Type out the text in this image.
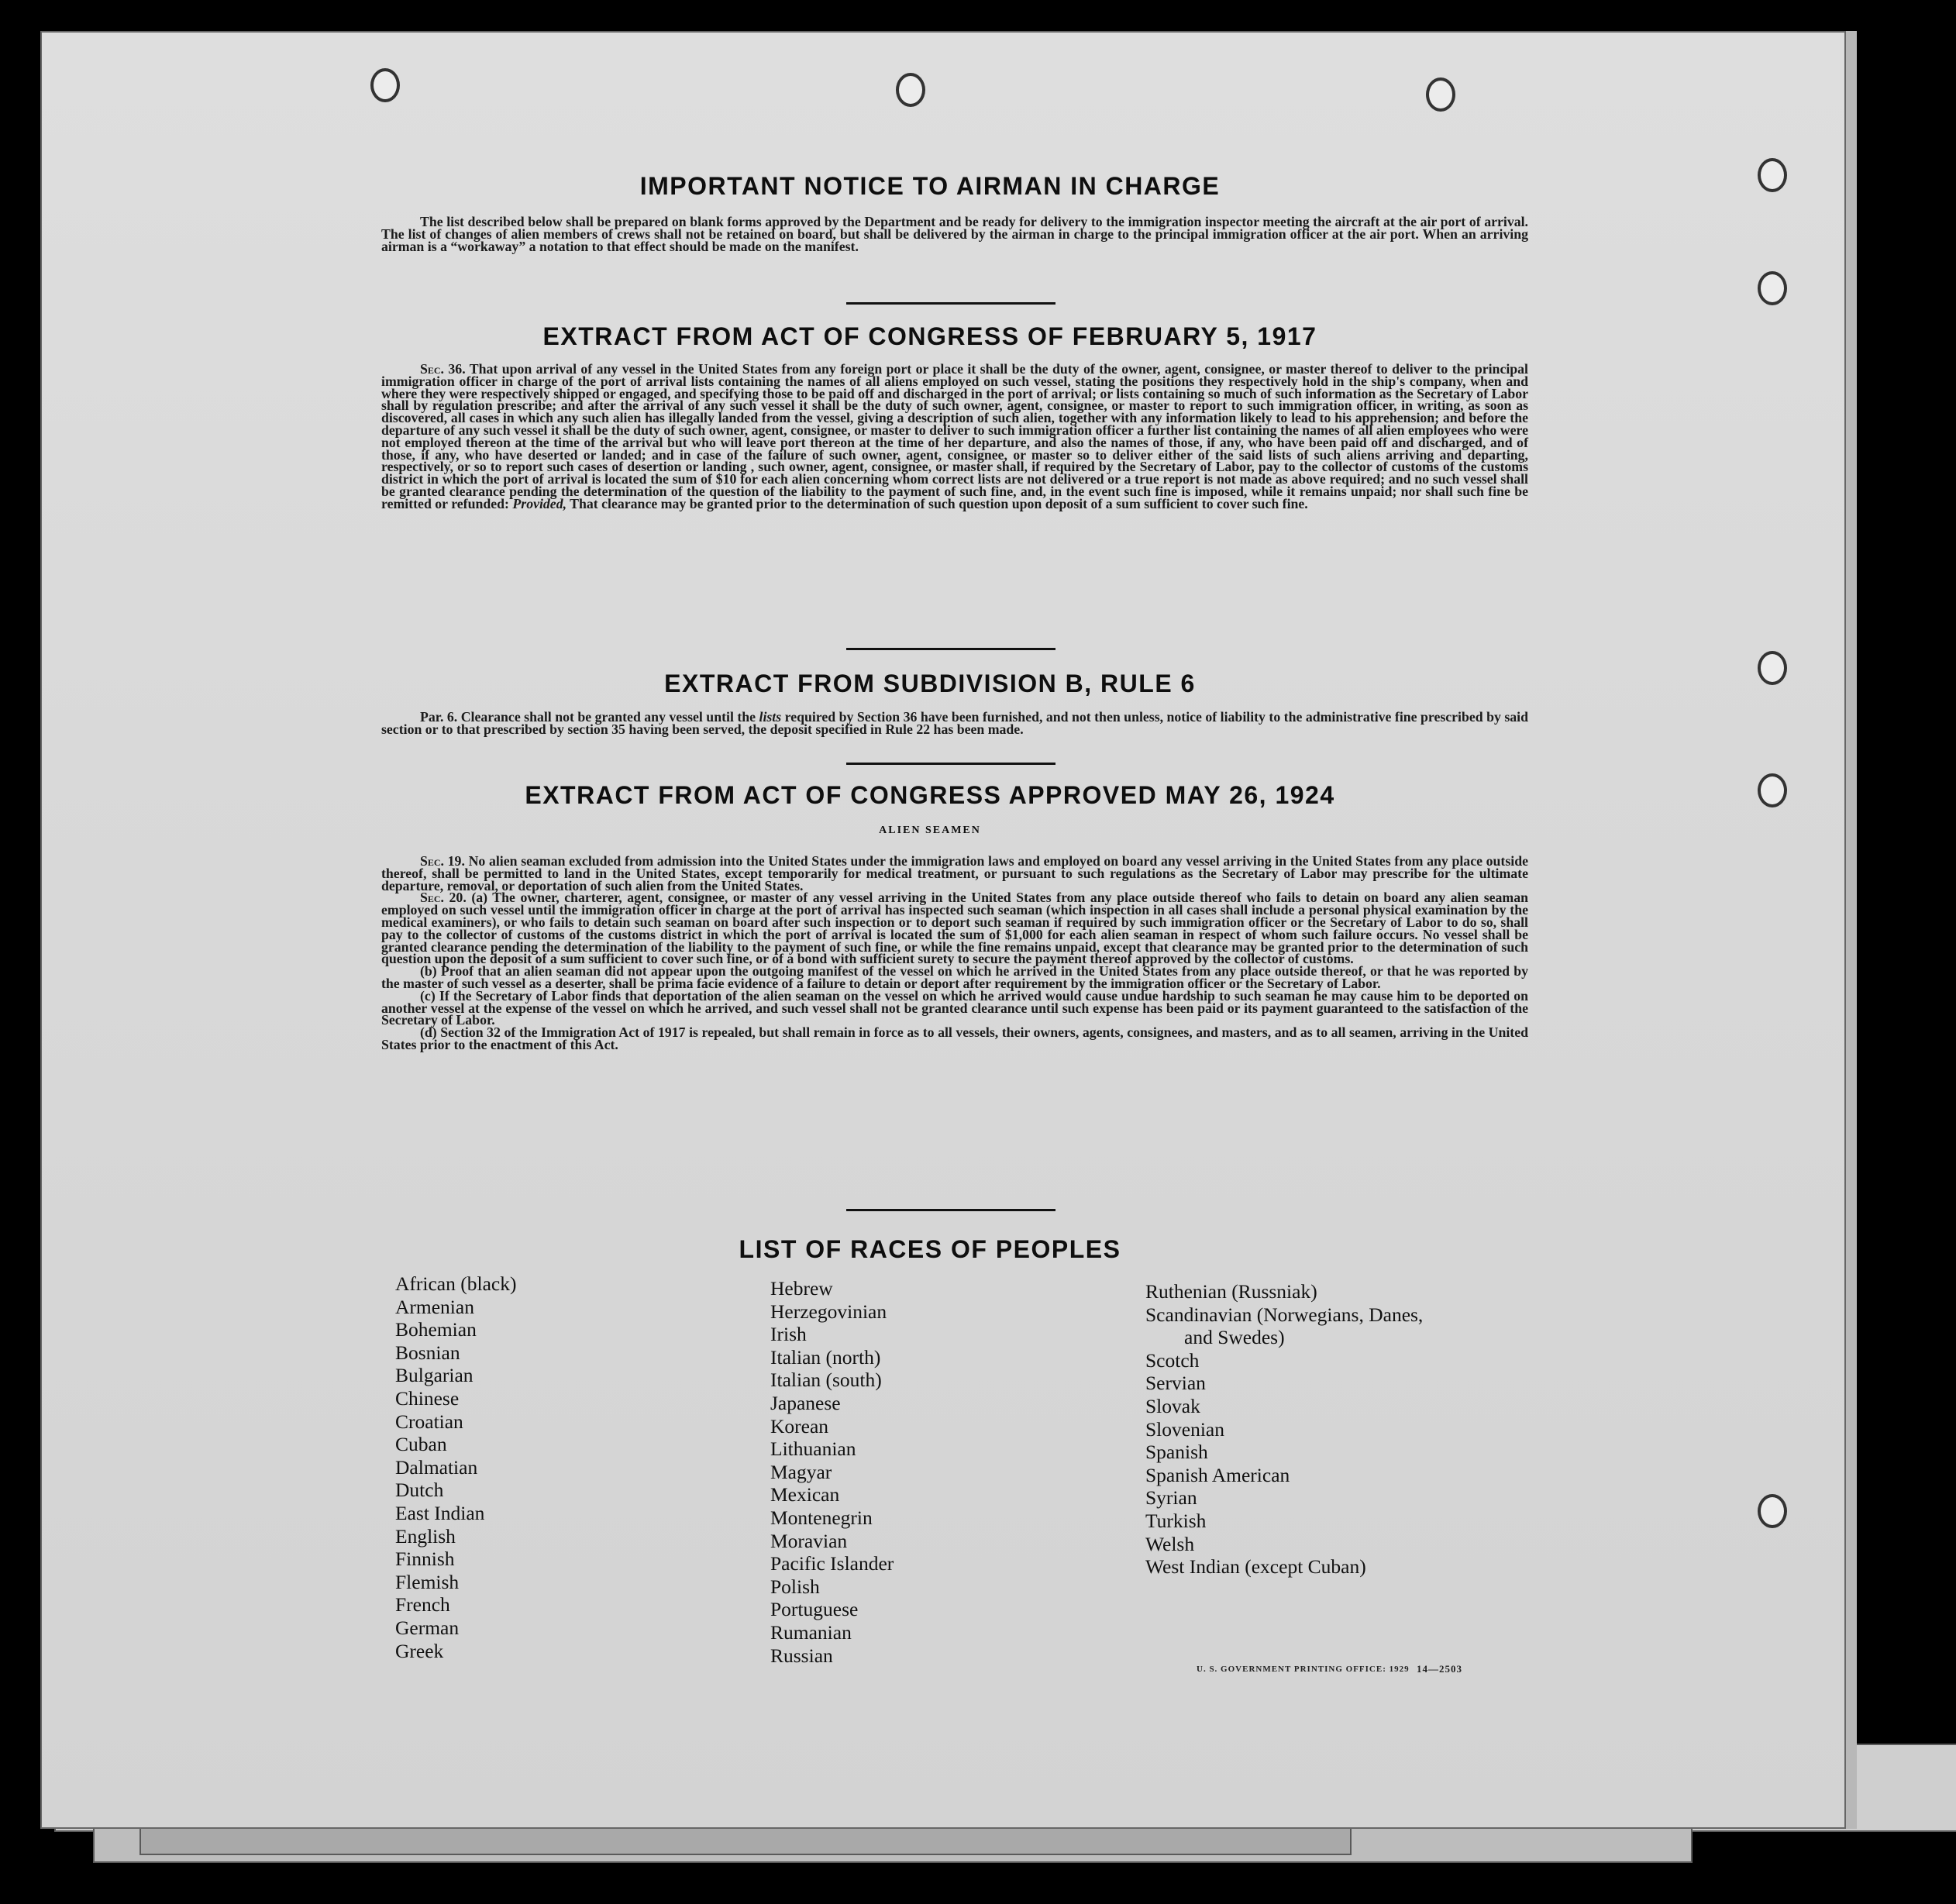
IMPORTANT NOTICE TO AIRMAN IN CHARGE

The list described below shall be prepared on blank forms approved by the Department and be ready for delivery to the immigration inspector meeting the aircraft at the air port of arrival. The list of changes of alien members of crews shall not be retained on board, but shall be delivered by the airman in charge to the principal immigration officer at the air port. When an arriving airman is a “workaway” a notation to that effect should be made on the manifest.

EXTRACT FROM ACT OF CONGRESS OF FEBRUARY 5, 1917

Sec. 36. That upon arrival of any vessel in the United States from any foreign port or place it shall be the duty of the owner, agent, consignee, or master thereof to deliver to the principal immigration officer in charge of the port of arrival lists containing the names of all aliens employed on such vessel, stating the positions they respectively hold in the ship's company, when and where they were respectively shipped or engaged, and specifying those to be paid off and discharged in the port of arrival; or lists containing so much of such information as the Secretary of Labor shall by regulation prescribe; and after the arrival of any such vessel it shall be the duty of such owner, agent, consignee, or master to report to such immigration officer, in writing, as soon as discovered, all cases in which any such alien has illegally landed from the vessel, giving a description of such alien, together with any information likely to lead to his apprehension; and before the departure of any such vessel it shall be the duty of such owner, agent, consignee, or master to deliver to such immigration officer a further list containing the names of all alien employees who were not employed thereon at the time of the arrival but who will leave port thereon at the time of her departure, and also the names of those, if any, who have been paid off and discharged, and of those, if any, who have deserted or landed; and in case of the failure of such owner, agent, consignee, or master so to deliver either of the said lists of such aliens arriving and departing, respectively, or so to report such cases of desertion or landing , such owner, agent, consignee, or master shall, if required by the Secretary of Labor, pay to the collector of customs of the customs district in which the port of arrival is located the sum of $10 for each alien concerning whom correct lists are not delivered or a true report is not made as above required; and no such vessel shall be granted clearance pending the determination of the question of the liability to the payment of such fine, and, in the event such fine is imposed, while it remains unpaid; nor shall such fine be remitted or refunded: Provided, That clearance may be granted prior to the determination of such question upon deposit of a sum sufficient to cover such fine.

EXTRACT FROM SUBDIVISION B, RULE 6

Par. 6. Clearance shall not be granted any vessel until the lists required by Section 36 have been furnished, and not then unless, notice of liability to the administrative fine prescribed by said section or to that prescribed by section 35 having been served, the deposit specified in Rule 22 has been made.

EXTRACT FROM ACT OF CONGRESS APPROVED MAY 26, 1924
ALIEN SEAMEN

Sec. 19. No alien seaman excluded from admission into the United States under the immigration laws and employed on board any vessel arriving in the United States from any place outside thereof, shall be permitted to land in the United States, except temporarily for medical treatment, or pursuant to such regulations as the Secretary of Labor may prescribe for the ultimate departure, removal, or deportation of such alien from the United States.

Sec. 20. (a) The owner, charterer, agent, consignee, or master of any vessel arriving in the United States from any place outside thereof who fails to detain on board any alien seaman employed on such vessel until the immigration officer in charge at the port of arrival has inspected such seaman (which inspection in all cases shall include a personal physical examination by the medical examiners), or who fails to detain such seaman on board after such inspection or to deport such seaman if required by such immigration officer or the Secretary of Labor to do so, shall pay to the collector of customs of the customs district in which the port of arrival is located the sum of $1,000 for each alien seaman in respect of whom such failure occurs. No vessel shall be granted clearance pending the determination of the liability to the payment of such fine, or while the fine remains unpaid, except that clearance may be granted prior to the determination of such question upon the deposit of a sum sufficient to cover such fine, or of a bond with sufficient surety to secure the payment thereof approved by the collector of customs.

(b) Proof that an alien seaman did not appear upon the outgoing manifest of the vessel on which he arrived in the United States from any place outside thereof, or that he was reported by the master of such vessel as a deserter, shall be prima facie evidence of a failure to detain or deport after requirement by the immigration officer or the Secretary of Labor.

(c) If the Secretary of Labor finds that deportation of the alien seaman on the vessel on which he arrived would cause undue hardship to such seaman he may cause him to be deported on another vessel at the expense of the vessel on which he arrived, and such vessel shall not be granted clearance until such expense has been paid or its payment guaranteed to the satisfaction of the Secretary of Labor.

(d) Section 32 of the Immigration Act of 1917 is repealed, but shall remain in force as to all vessels, their owners, agents, consignees, and masters, and as to all seamen, arriving in the United States prior to the enactment of this Act.

LIST OF RACES OF PEOPLES
African (black)
Armenian
Bohemian
Bosnian
Bulgarian
Chinese
Croatian
Cuban
Dalmatian
Dutch
East Indian
English
Finnish
Flemish
French
German
Greek
Hebrew
Herzegovinian
Irish
Italian (north)
Italian (south)
Japanese
Korean
Lithuanian
Magyar
Mexican
Montenegrin
Moravian
Pacific Islander
Polish
Portuguese
Rumanian
Russian
Ruthenian (Russniak)
Scandinavian (Norwegians, Danes,
and Swedes)
Scotch
Servian
Slovak
Slovenian
Spanish
Spanish American
Syrian
Turkish
Welsh
West Indian (except Cuban)
U. S. GOVERNMENT PRINTING OFFICE: 1929 14—2503
